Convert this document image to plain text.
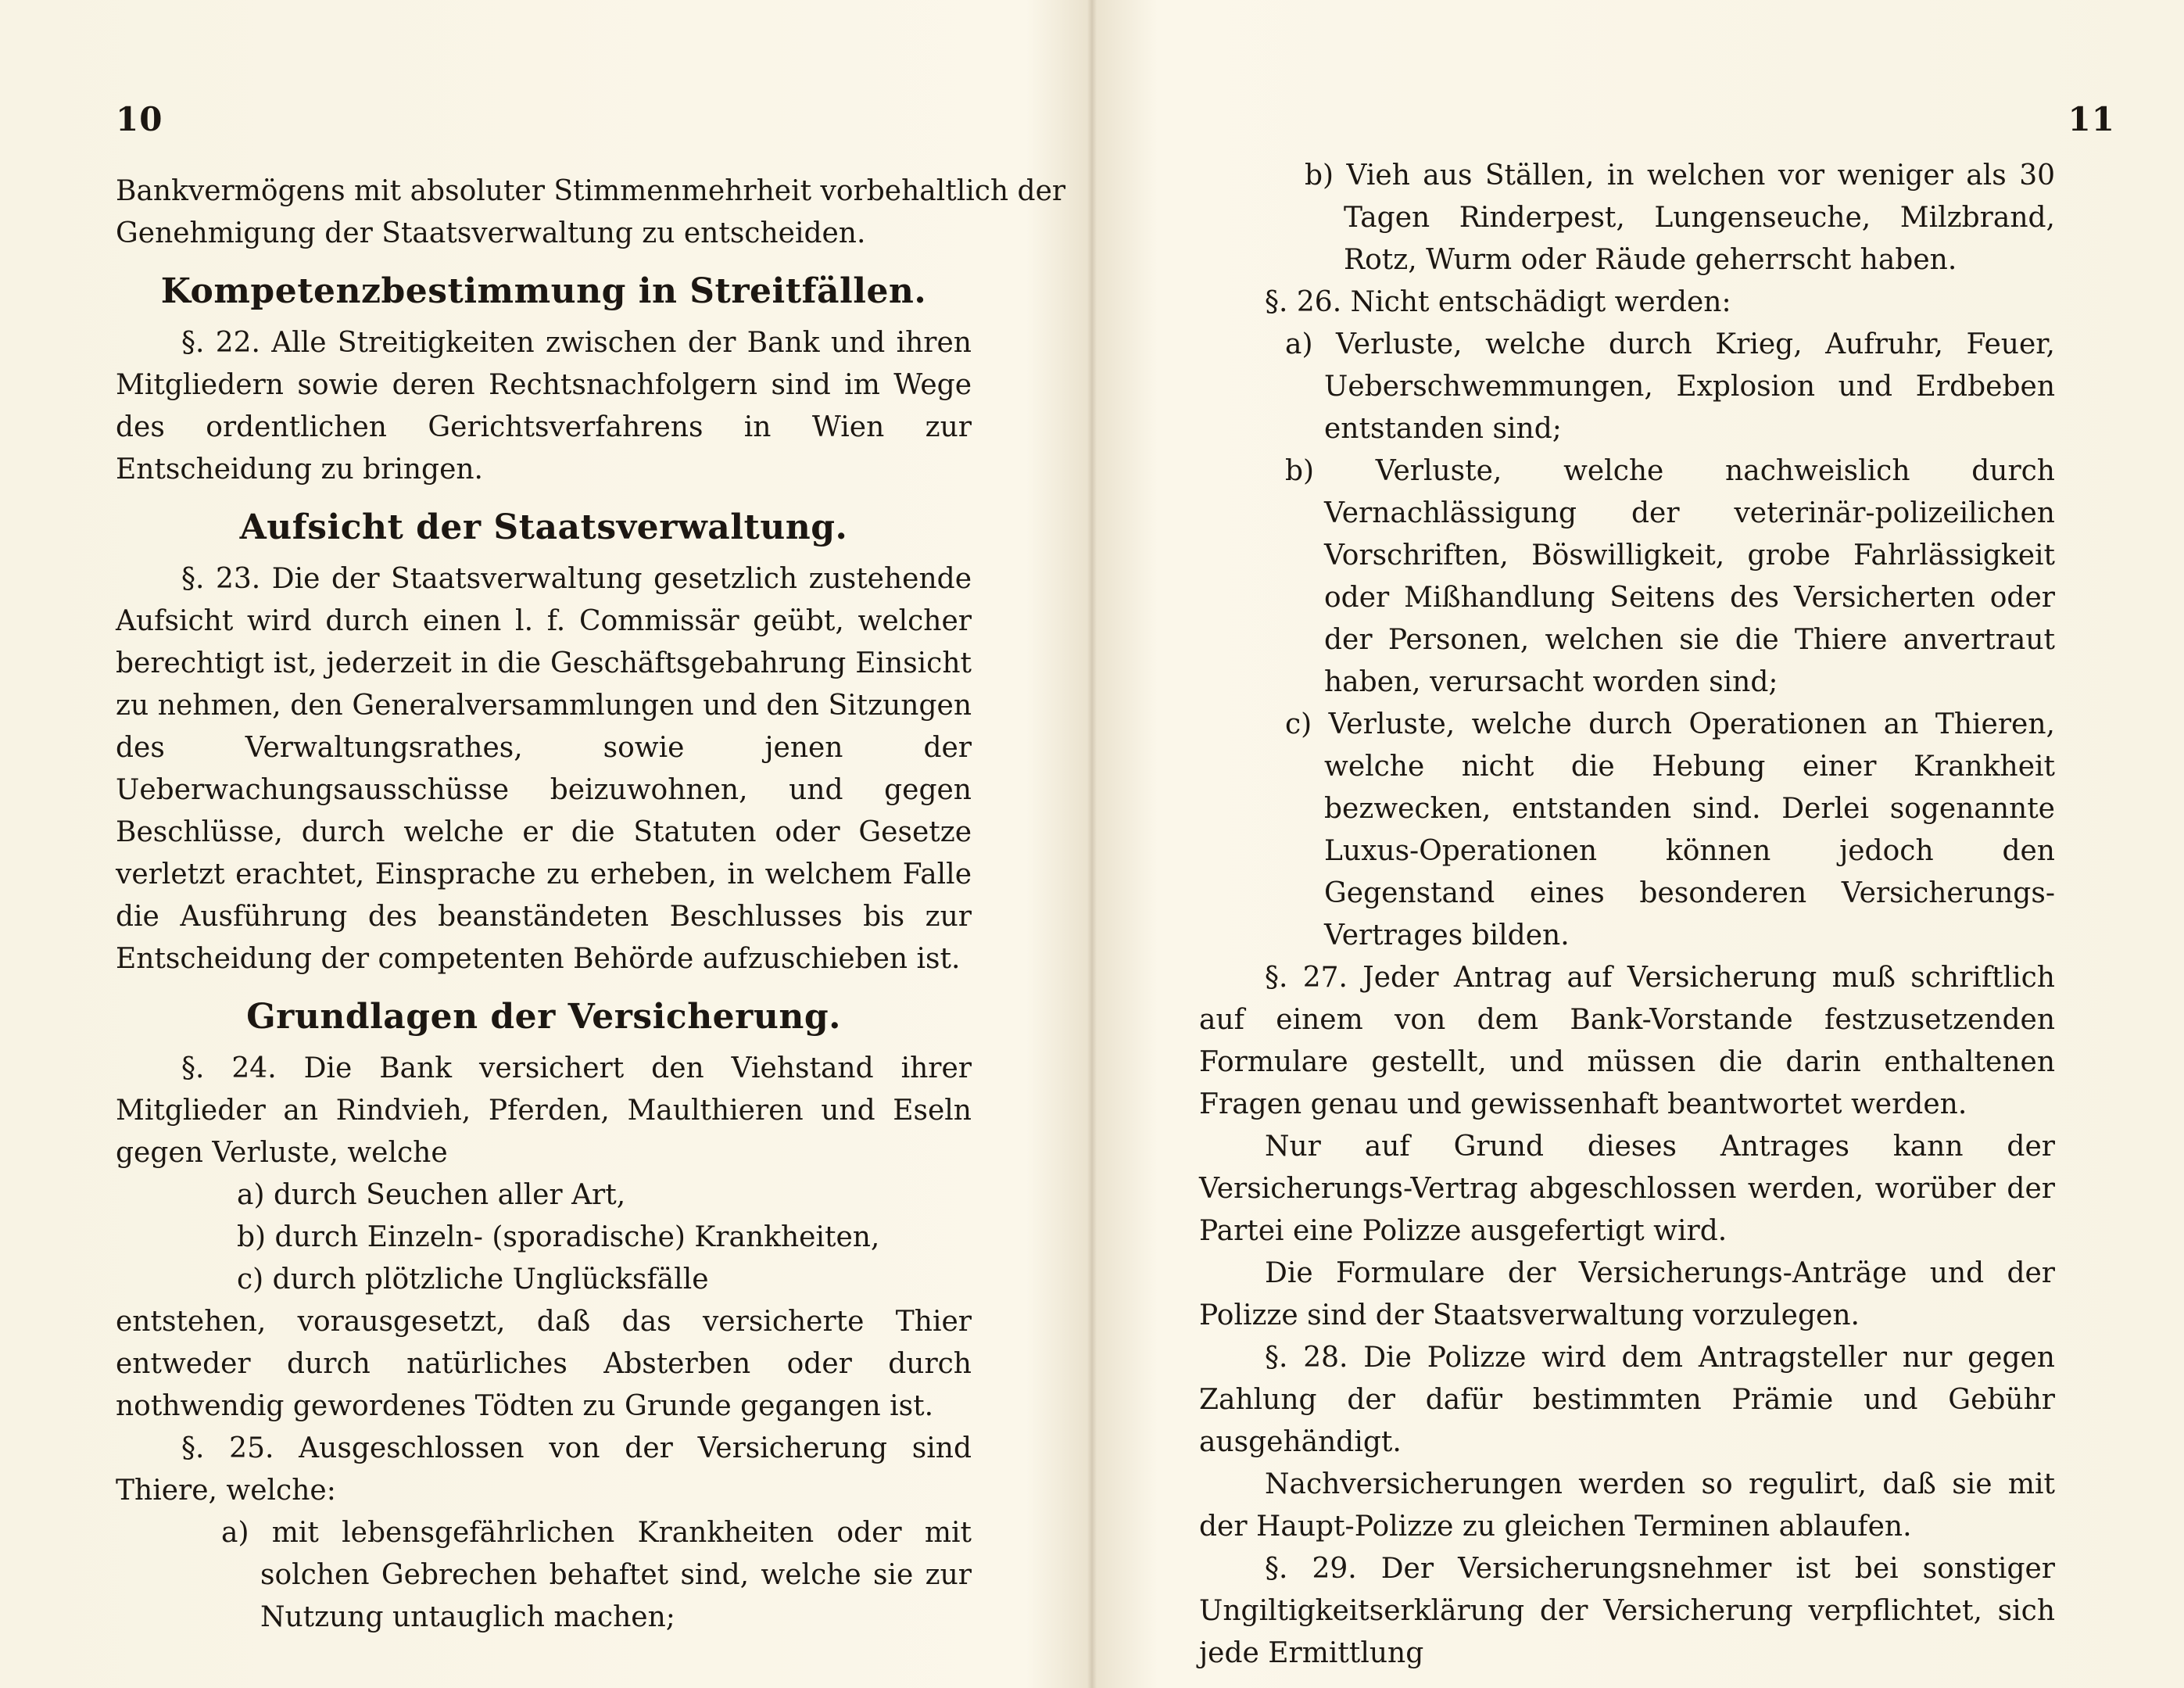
10
Bankvermögens mit absoluter Stimmenmehrheit vorbehaltlich der
Genehmigung der Staatsverwaltung zu entscheiden.
Kompetenzbestimmung in Streitfällen.
§. 22. Alle Streitigkeiten zwischen der Bank und ihren Mitgliedern sowie deren Rechtsnachfolgern sind im Wege des ordentlichen Gerichtsverfahrens in Wien zur Entscheidung zu bringen.
Aufsicht der Staatsverwaltung.
§. 23. Die der Staatsverwaltung gesetzlich zustehende Aufsicht wird durch einen l. f. Commissär geübt, welcher berechtigt ist, jederzeit in die Geschäftsgebahrung Einsicht zu nehmen, den Generalversammlungen und den Sitzungen des Verwaltungsrathes, sowie jenen der Ueberwachungsausschüsse beizuwohnen, und gegen Beschlüsse, durch welche er die Statuten oder Gesetze verletzt erachtet, Einsprache zu erheben, in welchem Falle die Ausführung des beanständeten Beschlusses bis zur Entscheidung der competenten Behörde aufzuschieben ist.
Grundlagen der Versicherung.
§. 24. Die Bank versichert den Viehstand ihrer Mitglieder an Rindvieh, Pferden, Maulthieren und Eseln gegen Verluste, welche
a) durch Seuchen aller Art,
b) durch Einzeln- (sporadische) Krankheiten,
c) durch plötzliche Unglücksfälle
entstehen, vorausgesetzt, daß das versicherte Thier entweder durch natürliches Absterben oder durch nothwendig gewordenes Tödten zu Grunde gegangen ist.
§. 25. Ausgeschlossen von der Versicherung sind Thiere, welche:
a) mit lebensgefährlichen Krankheiten oder mit solchen Gebrechen behaftet sind, welche sie zur Nutzung untauglich machen;
11
b) Vieh aus Ställen, in welchen vor weniger als 30 Tagen Rinderpest, Lungenseuche, Milzbrand, Rotz, Wurm oder Räude geherrscht haben.
§. 26. Nicht entschädigt werden:
a) Verluste, welche durch Krieg, Aufruhr, Feuer, Ueberschwemmungen, Explosion und Erdbeben entstanden sind;
b) Verluste, welche nachweislich durch Vernachlässigung der veterinär-polizeilichen Vorschriften, Böswilligkeit, grobe Fahrlässigkeit oder Mißhandlung Seitens des Versicherten oder der Personen, welchen sie die Thiere anvertraut haben, verursacht worden sind;
c) Verluste, welche durch Operationen an Thieren, welche nicht die Hebung einer Krankheit bezwecken, entstanden sind. Derlei sogenannte Luxus-Operationen können jedoch den Gegenstand eines besonderen Versicherungs-Vertrages bilden.
§. 27. Jeder Antrag auf Versicherung muß schriftlich auf einem von dem Bank-Vorstande festzusetzenden Formulare gestellt, und müssen die darin enthaltenen Fragen genau und gewissenhaft beantwortet werden.
Nur auf Grund dieses Antrages kann der Versicherungs-Vertrag abgeschlossen werden, worüber der Partei eine Polizze ausgefertigt wird.
Die Formulare der Versicherungs-Anträge und der Polizze sind der Staatsverwaltung vorzulegen.
§. 28. Die Polizze wird dem Antragsteller nur gegen Zahlung der dafür bestimmten Prämie und Gebühr ausgehändigt.
Nachversicherungen werden so regulirt, daß sie mit der Haupt-Polizze zu gleichen Terminen ablaufen.
§. 29. Der Versicherungsnehmer ist bei sonstiger Ungiltigkeitserklärung der Versicherung verpflichtet, sich jede Ermittlung
